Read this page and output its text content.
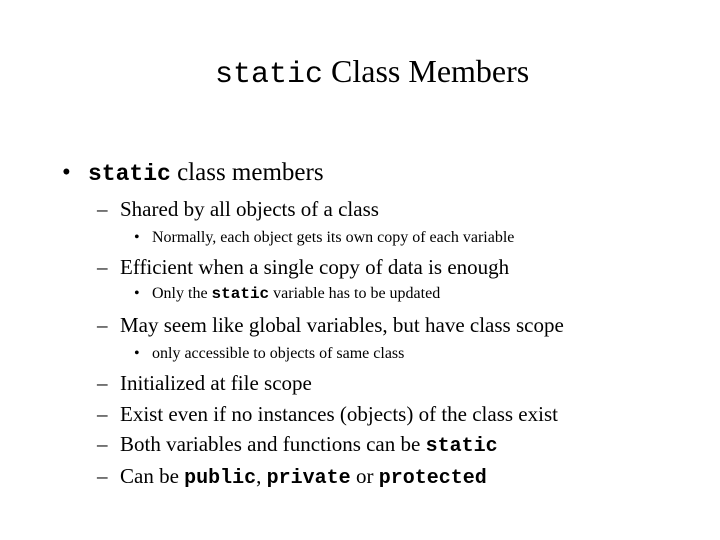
static Class Members
• static class members
– Shared by all objects of a class
• Normally, each object gets its own copy of each variable
– Efficient when a single copy of data is enough
• Only the static variable has to be updated
– May seem like global variables, but have class scope
• only accessible to objects of same class
– Initialized at file scope
– Exist even if no instances (objects) of the class exist
– Both variables and functions can be static
– Can be public, private or protected
